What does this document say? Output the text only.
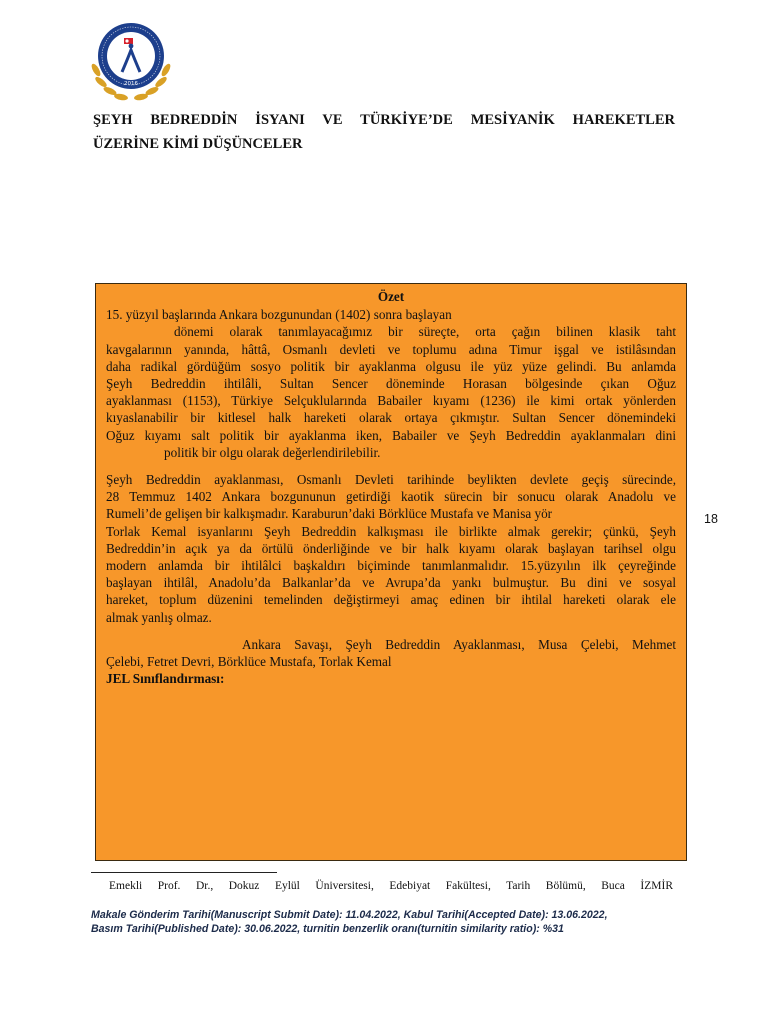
2016
ŞEYH BEDREDDİN İSYANI VE TÜRKİYE’DE MESİYANİK HAREKETLER
ÜZERİNE KİMİ DÜŞÜNCELER
Özet

15. yüzyıl başlarında Ankara bozgunundan (1402) sonra başlayan
dönemi olarak tanımlayacağımız bir süreçte, orta çağın bilinen klasik taht
kavgalarının yanında, hâttâ, Osmanlı devleti ve toplumu adına Timur işgal ve istilâsından
daha radikal gördüğüm sosyo politik bir ayaklanma olgusu ile yüz yüze gelindi. Bu anlamda
Şeyh Bedreddin ihtilâli, Sultan Sencer döneminde Horasan bölgesinde çıkan Oğuz
ayaklanması (1153), Türkiye Selçuklularında Babailer kıyamı (1236) ile kimi ortak yönlerden
kıyaslanabilir bir kitlesel halk hareketi olarak ortaya çıkmıştır. Sultan Sencer dönemindeki
Oğuz kıyamı salt politik bir ayaklanma iken, Babailer ve Şeyh Bedreddin ayaklanmaları dini
politik bir olgu olarak değerlendirilebilir.

Şeyh Bedreddin ayaklanması, Osmanlı Devleti tarihinde beylikten devlete geçiş sürecinde,
28 Temmuz 1402 Ankara bozgununun getirdiği kaotik sürecin bir sonucu olarak Anadolu ve
Rumeli’de gelişen bir kalkışmadır. Karaburun’daki Börklüce Mustafa ve Manisa yör
Torlak Kemal isyanlarını Şeyh Bedreddin kalkışması ile birlikte almak gerekir; çünkü, Şeyh
Bedreddin’in açık ya da örtülü önderliğinde ve bir halk kıyamı olarak başlayan tarihsel olgu
modern anlamda bir ihtilâlci başkaldırı biçiminde tanımlanmalıdır. 15.yüzyılın ilk çeyreğinde
başlayan ihtilâl, Anadolu’da Balkanlar’da ve Avrupa’da yankı bulmuştur. Bu dini ve sosyal
hareket, toplum düzenini temelinden değiştirmeyi amaç edinen bir ihtilal hareketi olarak ele
almak yanlış olmaz.

Ankara Savaşı, Şeyh Bedreddin Ayaklanması, Musa Çelebi, Mehmet
Çelebi, Fetret Devri, Börklüce Mustafa, Torlak Kemal

JEL Sınıflandırması:
18
Emekli Prof. Dr., Dokuz Eylül Üniversitesi, Edebiyat Fakültesi, Tarih Bölümü, Buca İZMİR
Makale Gönderim Tarihi(Manuscript Submit Date): 11.04.2022, Kabul Tarihi(Accepted Date): 13.06.2022,
Basım Tarihi(Published Date): 30.06.2022, turnitin benzerlik oranı(turnitin similarity ratio): %31
